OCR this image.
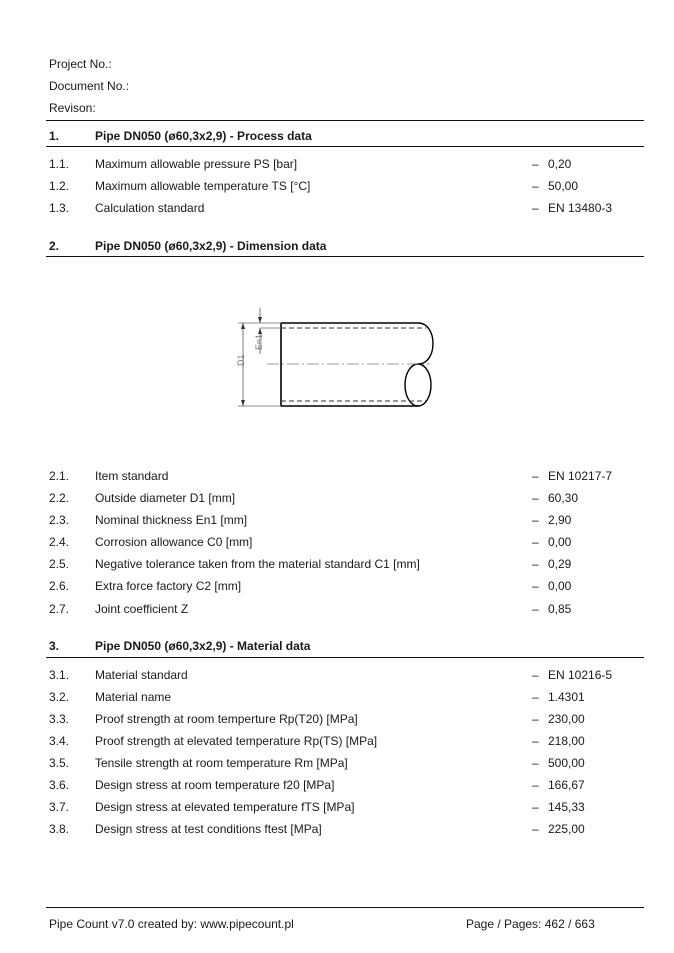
Project No.:
Document No.:
Revison:
1.	Pipe DN050 (ø60,3x2,9) - Process data
1.1. Maximum allowable pressure PS [bar]	– 0,20
1.2. Maximum allowable temperature TS [°C]	– 50,00
1.3. Calculation standard	– EN 13480-3
2.	Pipe DN050 (ø60,3x2,9) - Dimension data
D1
En1
2.1. Item standard	– EN 10217-7
2.2. Outside diameter D1 [mm]	– 60,30
2.3. Nominal thickness En1 [mm]	– 2,90
2.4. Corrosion allowance C0 [mm]	– 0,00
2.5. Negative tolerance taken from the material standard C1 [mm]	– 0,29
2.6. Extra force factory C2 [mm]	– 0,00
2.7. Joint coefficient Z	– 0,85
3.	Pipe DN050 (ø60,3x2,9) - Material data
3.1. Material standard	– EN 10216-5
3.2. Material name	– 1.4301
3.3. Proof strength at room temperture Rp(T20) [MPa]	– 230,00
3.4. Proof strength at elevated temperature Rp(TS) [MPa]	– 218,00
3.5. Tensile strength at room temperature Rm [MPa]	– 500,00
3.6. Design stress at room temperature f20 [MPa]	– 166,67
3.7. Design stress at elevated temperature fTS [MPa]	– 145,33
3.8. Design stress at test conditions ftest [MPa]	– 225,00
Pipe Count v7.0 created by: www.pipecount.pl	Page / Pages: 462 / 663
